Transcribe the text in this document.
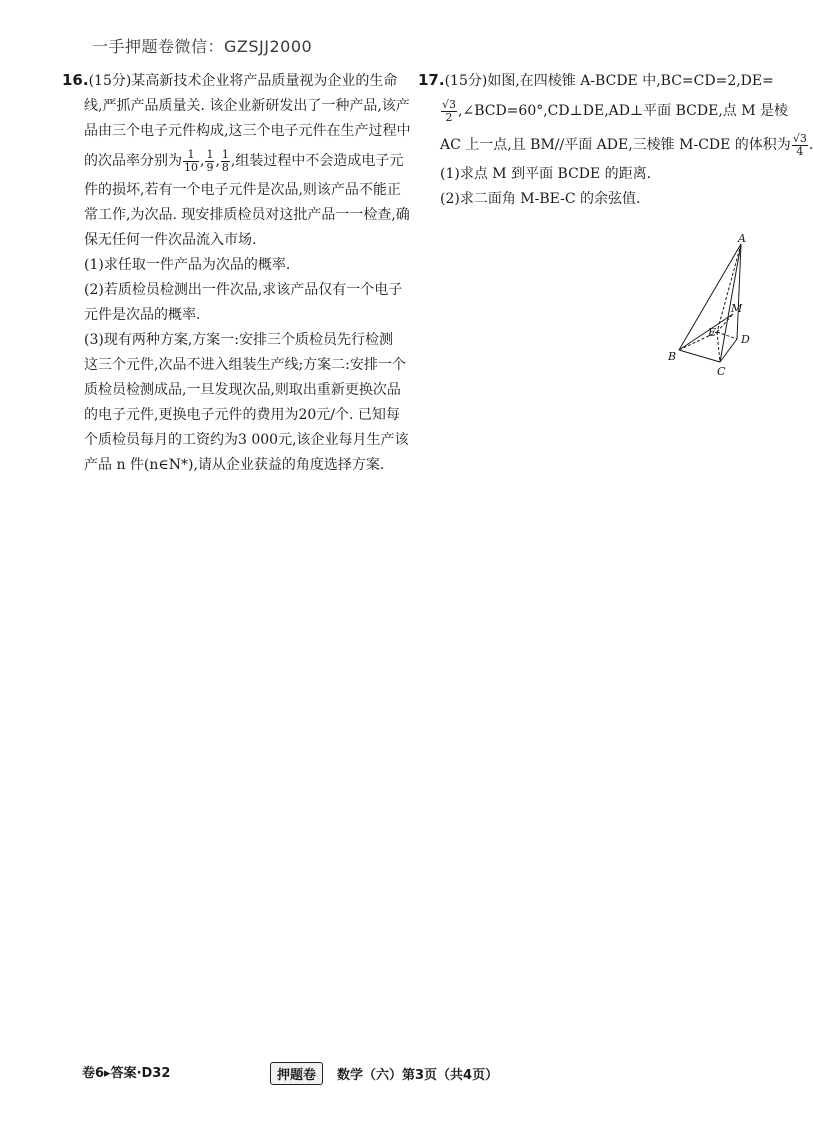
一手押题卷微信：GZSJJ2000
16.(15分)某高新技术企业将产品质量视为企业的生命
线,严抓产品质量关. 该企业新研发出了一种产品,该产
品由三个电子元件构成,这三个电子元件在生产过程中
的次品率分别为 $\frac{1}{10}$ , $\frac{1}{9}$ , $\frac{1}{8}$ ,组装过程中不会造成电子元
件的损坏,若有一个电子元件是次品,则该产品不能正
常工作,为次品. 现安排质检员对这批产品一一检查,确
保无任何一件次品流入市场.
(1)求任取一件产品为次品的概率.
(2)若质检员检测出一件次品,求该产品仅有一个电子
元件是次品的概率.
(3)现有两种方案,方案一:安排三个质检员先行检测
这三个元件,次品不进入组装生产线;方案二:安排一个
质检员检测成品,一旦发现次品,则取出重新更换次品
的电子元件,更换电子元件的费用为20元/个. 已知每
个质检员每月的工资约为3 000元,该企业每月生产该
产品 n 件(n∈N*),请从企业获益的角度选择方案.
17.(15分)如图,在四棱锥 A-BCDE 中,BC=CD=2,DE=
$\frac{√3}{2}$ ,∠BCD=60°,CD⊥DE,AD⊥平面 BCDE,点 M 是棱
AC 上一点,且 BM//平面 ADE,三棱锥 M-CDE 的体积为 $\frac{√3}{4}$ .
(1)求点 M 到平面 BCDE 的距离.
(2)求二面角 M-BE-C 的余弦值.
A
M
E
D
B
C
卷6▸答案·D32	押题卷 数学（六）第3页（共4页）
